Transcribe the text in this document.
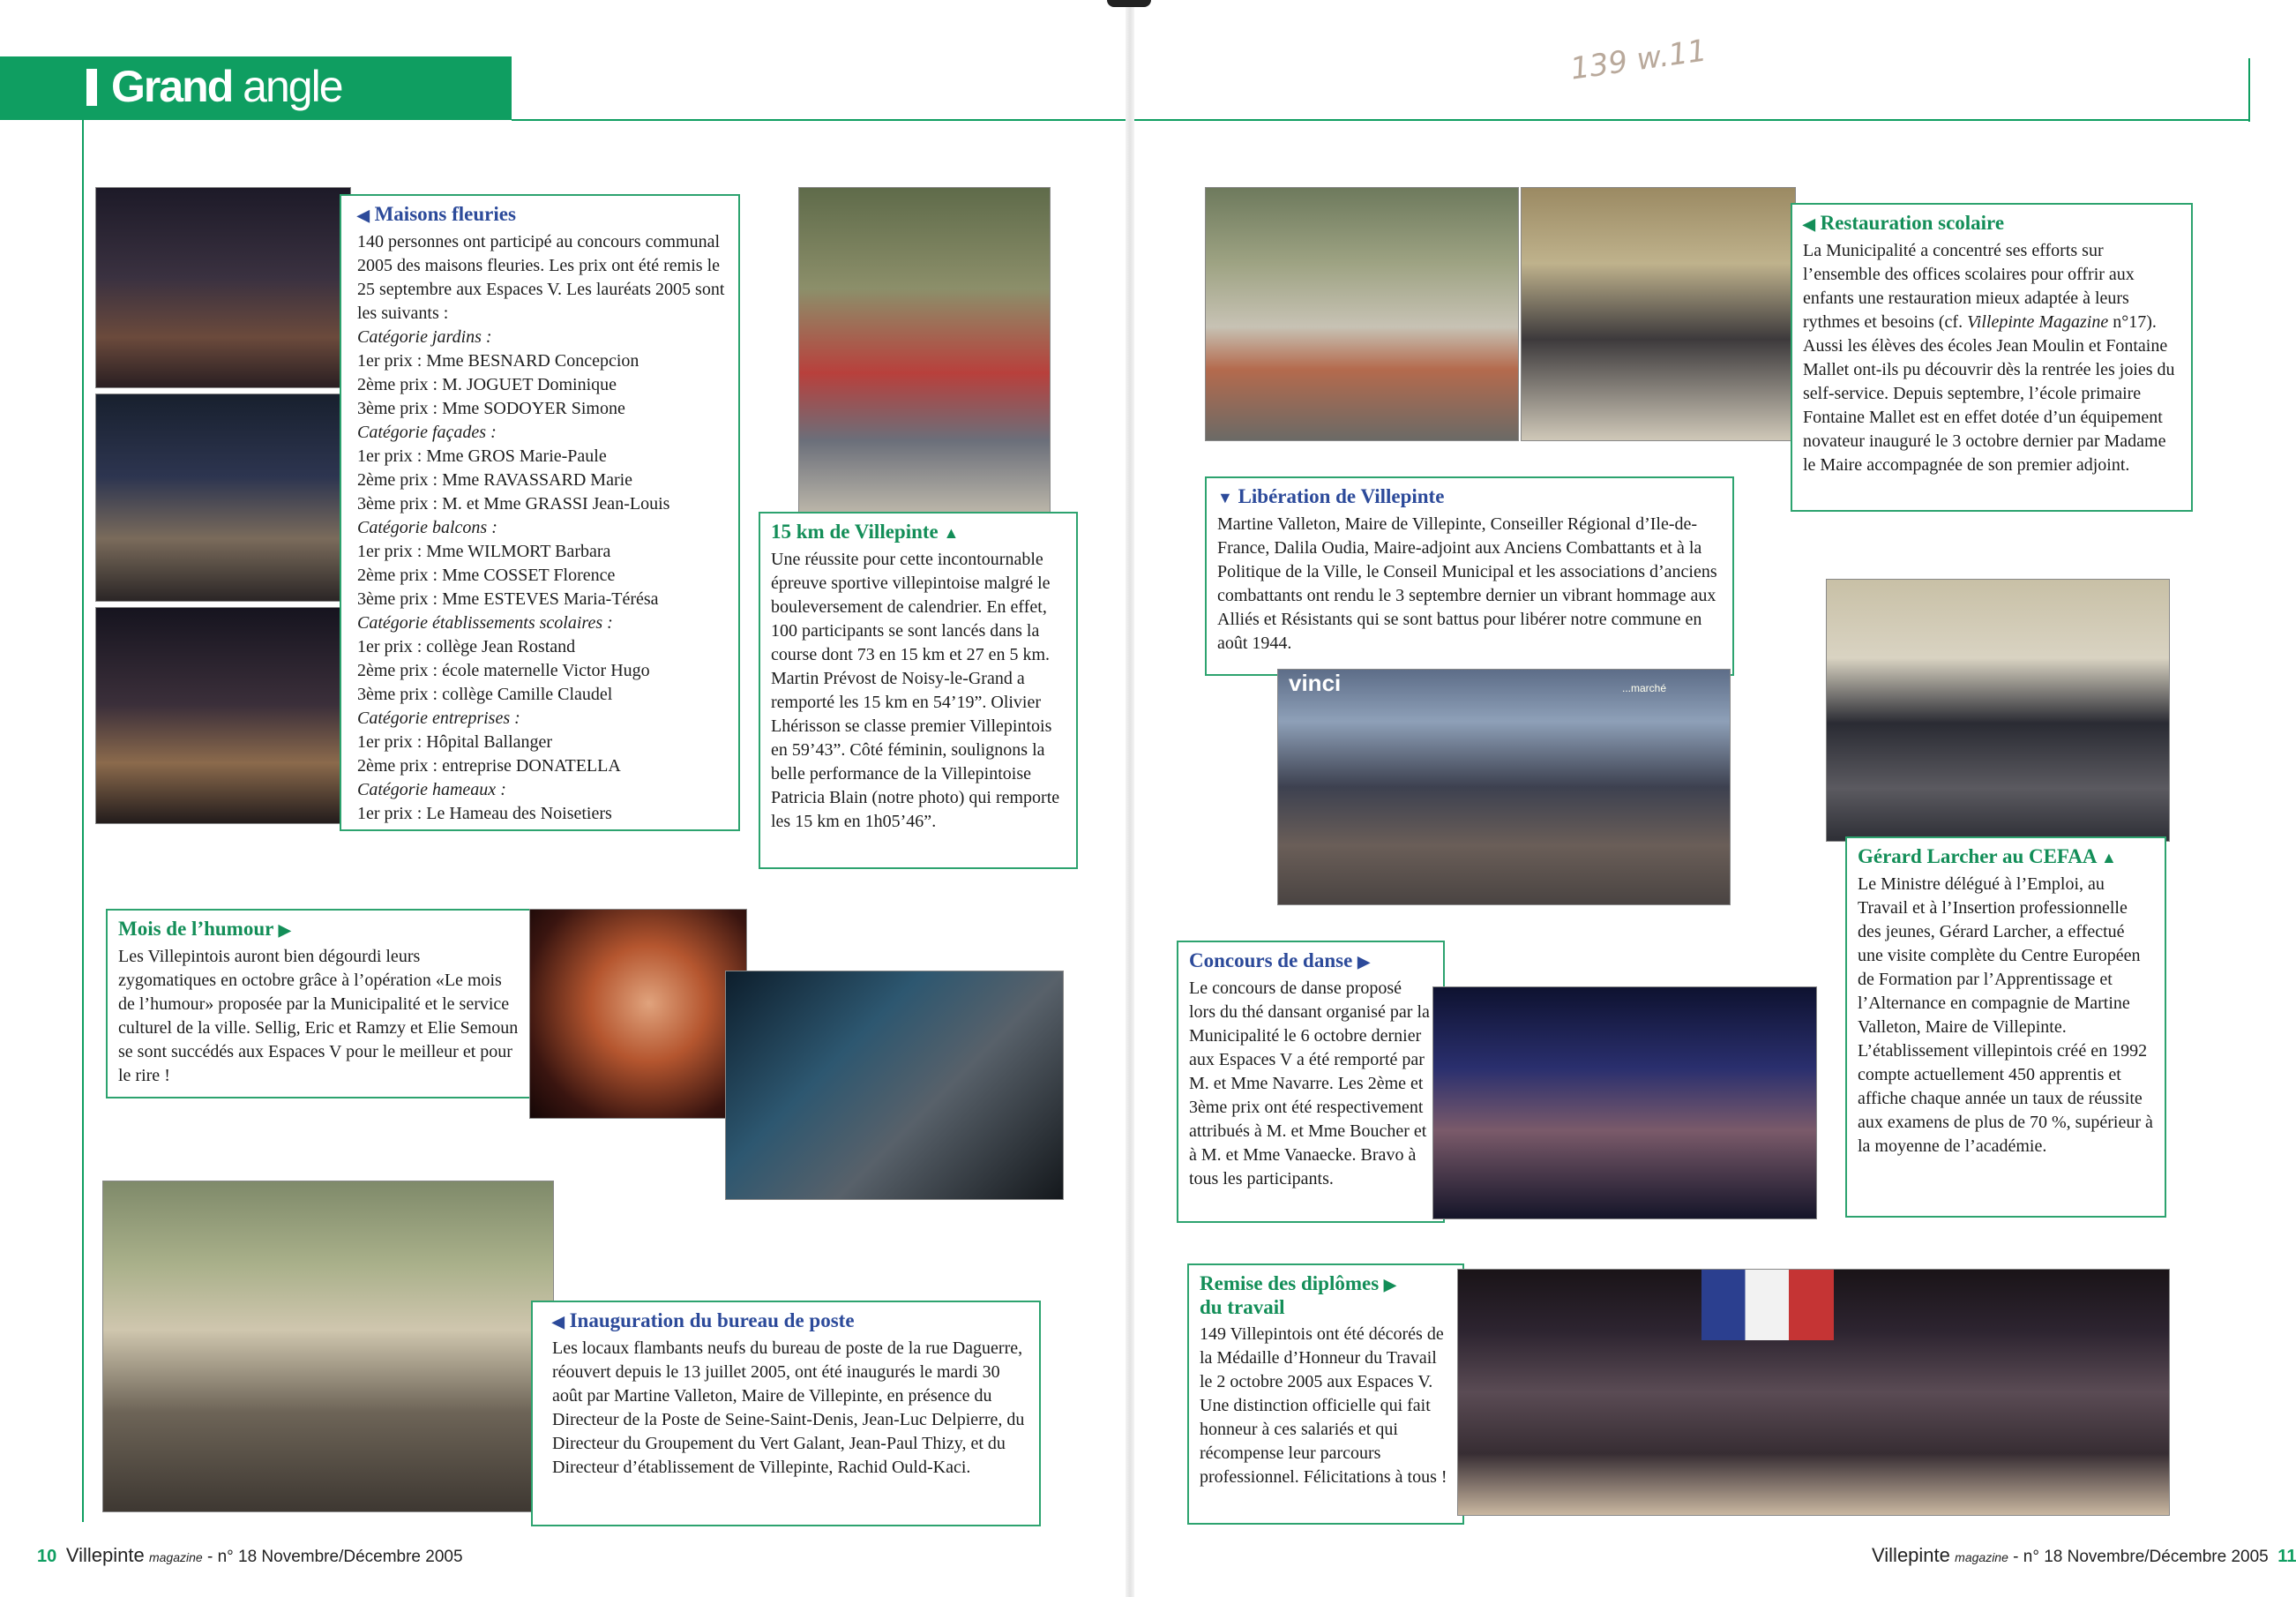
Grand angle	139 w.11
◀ Maisons fleuries

140 personnes ont participé au concours communal 2005 des maisons fleuries. Les prix ont été remis le 25 septembre aux Espaces V. Les lauréats 2005 sont les suivants :

Catégorie jardins :

1er prix : Mme BESNARD Concepcion

2ème prix : M. JOGUET Dominique

3ème prix : Mme SODOYER Simone

Catégorie façades :

1er prix : Mme GROS Marie-Paule

2ème prix : Mme RAVASSARD Marie

3ème prix : M. et Mme GRASSI Jean-Louis

Catégorie balcons :

1er prix : Mme WILMORT Barbara

2ème prix : Mme COSSET Florence

3ème prix : Mme ESTEVES Maria-Térésa

Catégorie établissements scolaires :

1er prix : collège Jean Rostand

2ème prix : école maternelle Victor Hugo

3ème prix : collège Camille Claudel

Catégorie entreprises :

1er prix : Hôpital Ballanger

2ème prix : entreprise DONATELLA

Catégorie hameaux :

1er prix : Le Hameau des Noisetiers

15 km de Villepinte ▲

Une réussite pour cette incontournable épreuve sportive villepintoise malgré le bouleversement de calendrier. En effet, 100 participants se sont lancés dans la course dont 73 en 15 km et 27 en 5 km. Martin Prévost de Noisy-le-Grand a remporté les 15 km en 54’19”. Olivier Lhérisson se classe premier Villepintois en 59’43”. Côté féminin, soulignons la belle performance de la Villepintoise Patricia Blain (notre photo) qui remporte les 15 km en 1h05’46”.

Mois de l’humour ▶

Les Villepintois auront bien dégourdi leurs zygomatiques en octobre grâce à l’opération «Le mois de l’humour» proposée par la Municipalité et le service culturel de la ville. Sellig, Eric et Ramzy et Elie Semoun se sont succédés aux Espaces V pour le meilleur et pour le rire !

◀ Inauguration du bureau de poste

Les locaux flambants neufs du bureau de poste de la rue Daguerre, réouvert depuis le 13 juillet 2005, ont été inaugurés le mardi 30 août par Martine Valleton, Maire de Villepinte, en présence du Directeur de la Poste de Seine-Saint-Denis, Jean-Luc Delpierre, du Directeur du Groupement du Vert Galant, Jean-Paul Thizy, et du Directeur d’établissement de Villepinte, Rachid Ould-Kaci.

10 Villepinte magazine - n° 18 Novembre/Décembre 2005
◀ Restauration scolaire

La Municipalité a concentré ses efforts sur l’ensemble des offices scolaires pour offrir aux enfants une restauration mieux adaptée à leurs rythmes et besoins (cf. Villepinte Magazine n°17). Aussi les élèves des écoles Jean Moulin et Fontaine Mallet ont-ils pu découvrir dès la rentrée les joies du self-service. Depuis septembre, l’école primaire Fontaine Mallet est en effet dotée d’un équipement novateur inauguré le 3 octobre dernier par Madame le Maire accompagnée de son premier adjoint.

▼ Libération de Villepinte

Martine Valleton, Maire de Villepinte, Conseiller Régional d’Ile-de-France, Dalila Oudia, Maire-adjoint aux Anciens Combattants et à la Politique de la Ville, le Conseil Municipal et les associations d’anciens combattants ont rendu le 3 septembre dernier un vibrant hommage aux Alliés et Résistants qui se sont battus pour libérer notre commune en août 1944.

vinci	...marché
Gérard Larcher au CEFAA ▲

Le Ministre délégué à l’Emploi, au Travail et à l’Insertion professionnelle des jeunes, Gérard Larcher, a effectué une visite complète du Centre Européen de Formation par l’Apprentissage et l’Alternance en compagnie de Martine Valleton, Maire de Villepinte. L’établissement villepintois créé en 1992 compte actuellement 450 apprentis et affiche chaque année un taux de réussite aux examens de plus de 70 %, supérieur à la moyenne de l’académie.

Concours de danse ▶

Le concours de danse proposé lors du thé dansant organisé par la Municipalité le 6 octobre dernier aux Espaces V a été remporté par M. et Mme Navarre. Les 2ème et 3ème prix ont été respectivement attribués à M. et Mme Boucher et à M. et Mme Vanaecke. Bravo à tous les participants.

Remise des diplômes ▶
du travail

149 Villepintois ont été décorés de la Médaille d’Honneur du Travail le 2 octobre 2005 aux Espaces V. Une distinction officielle qui fait honneur à ces salariés et qui récompense leur parcours professionnel. Félicitations à tous !

Villepinte magazine - n° 18 Novembre/Décembre 2005 11
